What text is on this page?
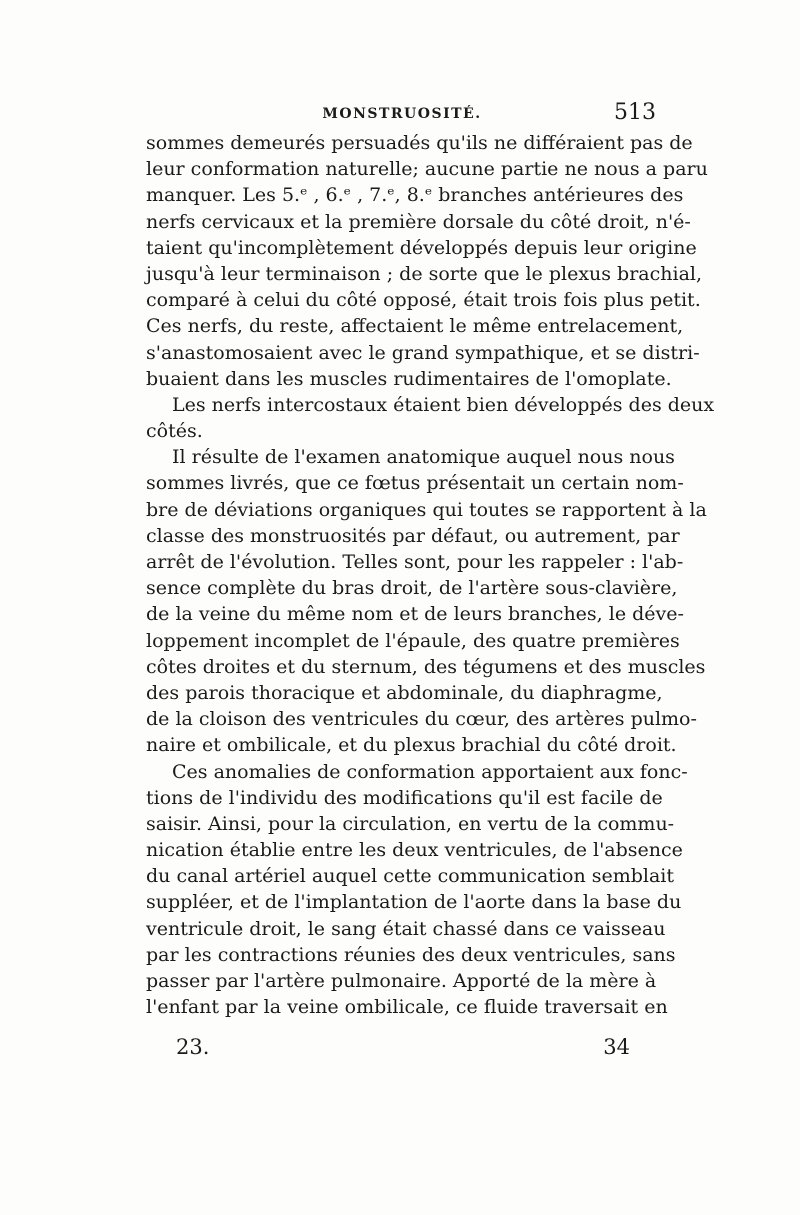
MONSTRUOSITÉ.	513
sommes demeurés persuadés qu'ils ne différaient pas de
leur conformation naturelle; aucune partie ne nous a paru
manquer. Les 5.ᵉ , 6.ᵉ , 7.ᵉ, 8.ᵉ branches antérieures des
nerfs cervicaux et la première dorsale du côté droit, n'é-
taient qu'incomplètement développés depuis leur origine
jusqu'à leur terminaison ; de sorte que le plexus brachial,
comparé à celui du côté opposé, était trois fois plus petit.
Ces nerfs, du reste, affectaient le même entrelacement,
s'anastomosaient avec le grand sympathique, et se distri-
buaient dans les muscles rudimentaires de l'omoplate.
Les nerfs intercostaux étaient bien développés des deux
côtés.
Il résulte de l'examen anatomique auquel nous nous
sommes livrés, que ce fœtus présentait un certain nom-
bre de déviations organiques qui toutes se rapportent à la
classe des monstruosités par défaut, ou autrement, par
arrêt de l'évolution. Telles sont, pour les rappeler : l'ab-
sence complète du bras droit, de l'artère sous-clavière,
de la veine du même nom et de leurs branches, le déve-
loppement incomplet de l'épaule, des quatre premières
côtes droites et du sternum, des tégumens et des muscles
des parois thoracique et abdominale, du diaphragme,
de la cloison des ventricules du cœur, des artères pulmo-
naire et ombilicale, et du plexus brachial du côté droit.
Ces anomalies de conformation apportaient aux fonc-
tions de l'individu des modifications qu'il est facile de
saisir. Ainsi, pour la circulation, en vertu de la commu-
nication établie entre les deux ventricules, de l'absence
du canal artériel auquel cette communication semblait
suppléer, et de l'implantation de l'aorte dans la base du
ventricule droit, le sang était chassé dans ce vaisseau
par les contractions réunies des deux ventricules, sans
passer par l'artère pulmonaire. Apporté de la mère à
l'enfant par la veine ombilicale, ce fluide traversait en
23.	34
